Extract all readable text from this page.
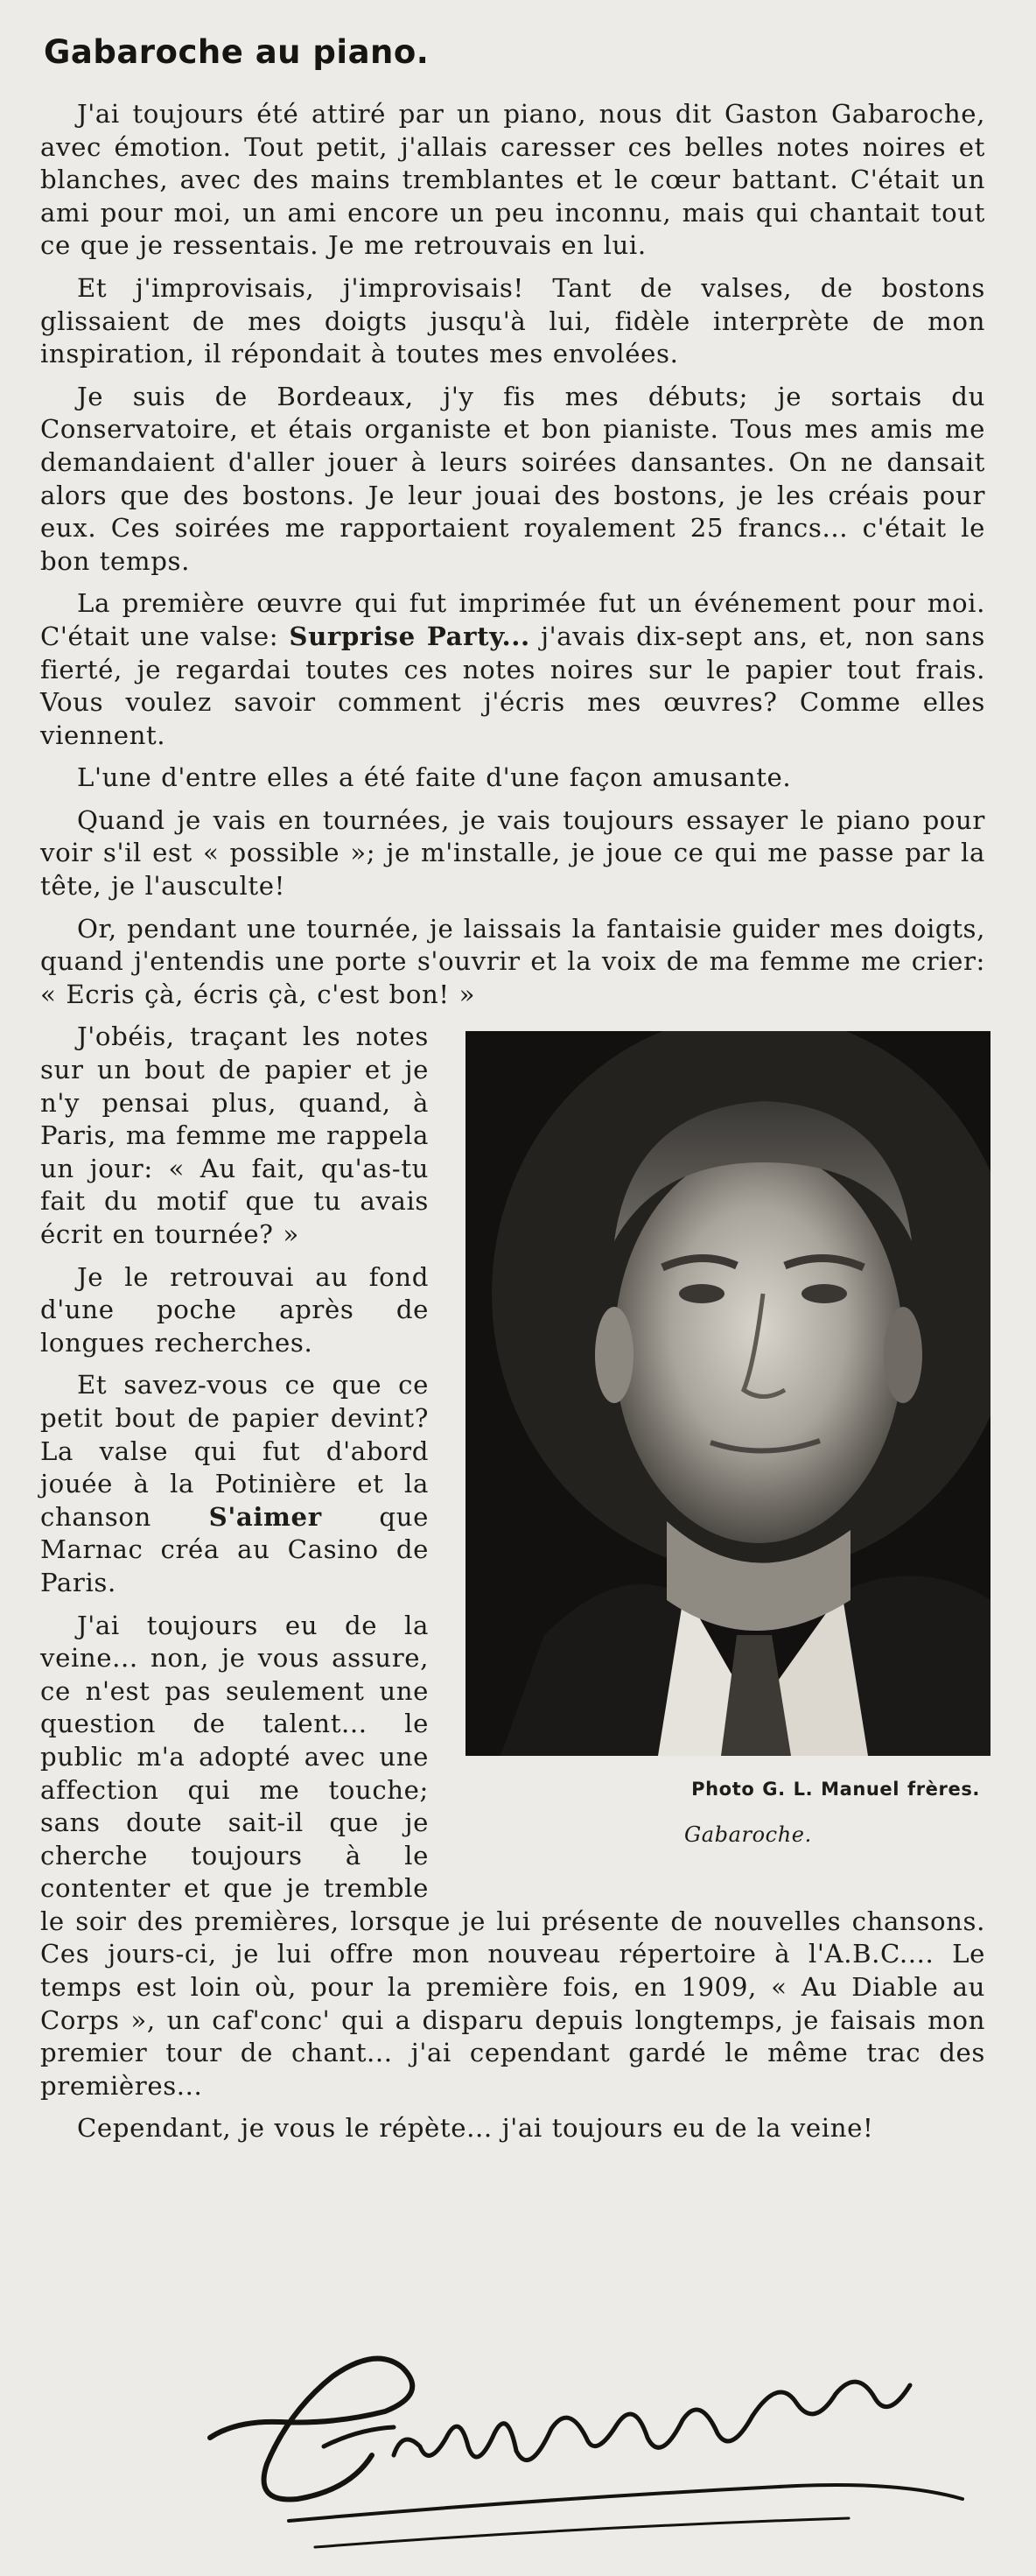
Gabaroche au piano.

J'ai toujours été attiré par un piano, nous dit Gaston Gabaroche, avec émotion. Tout petit, j'allais caresser ces belles notes noires et blanches, avec des mains tremblantes et le cœur battant. C'était un ami pour moi, un ami encore un peu inconnu, mais qui chantait tout ce que je ressentais. Je me retrouvais en lui.

Et j'improvisais, j'improvisais! Tant de valses, de bostons glissaient de mes doigts jusqu'à lui, fidèle interprète de mon inspiration, il répondait à toutes mes envolées.

Je suis de Bordeaux, j'y fis mes débuts; je sortais du Conservatoire, et étais organiste et bon pianiste. Tous mes amis me demandaient d'aller jouer à leurs soirées dansantes. On ne dansait alors que des bostons. Je leur jouai des bostons, je les créais pour eux. Ces soirées me rapportaient royalement 25 francs... c'était le bon temps.

La première œuvre qui fut imprimée fut un événement pour moi. C'était une valse: Surprise Party... j'avais dix-sept ans, et, non sans fierté, je regardai toutes ces notes noires sur le papier tout frais. Vous voulez savoir comment j'écris mes œuvres? Comme elles viennent.

L'une d'entre elles a été faite d'une façon amusante.

Quand je vais en tournées, je vais toujours essayer le piano pour voir s'il est « possible »; je m'installe, je joue ce qui me passe par la tête, je l'ausculte!

Or, pendant une tournée, je laissais la fantaisie guider mes doigts, quand j'entendis une porte s'ouvrir et la voix de ma femme me crier: « Ecris çà, écris çà, c'est bon! »

Photo G. L. Manuel frères.
Gabaroche.

J'obéis, traçant les notes sur un bout de papier et je n'y pensai plus, quand, à Paris, ma femme me rappela un jour: « Au fait, qu'as-tu fait du motif que tu avais écrit en tournée? »

Je le retrouvai au fond d'une poche après de longues recherches.

Et savez-vous ce que ce petit bout de papier devint? La valse qui fut d'abord jouée à la Potinière et la chanson S'aimer que Marnac créa au Casino de Paris.

J'ai toujours eu de la veine... non, je vous assure, ce n'est pas seulement une question de talent... le public m'a adopté avec une affection qui me touche; sans doute sait-il que je cherche toujours à le contenter et que je tremble le soir des premières, lorsque je lui présente de nouvelles chansons. Ces jours-ci, je lui offre mon nouveau répertoire à l'A.B.C.... Le temps est loin où, pour la première fois, en 1909, « Au Diable au Corps », un caf'conc' qui a disparu depuis longtemps, je faisais mon premier tour de chant... j'ai cependant gardé le même trac des premières...

Cependant, je vous le répète... j'ai toujours eu de la veine!
